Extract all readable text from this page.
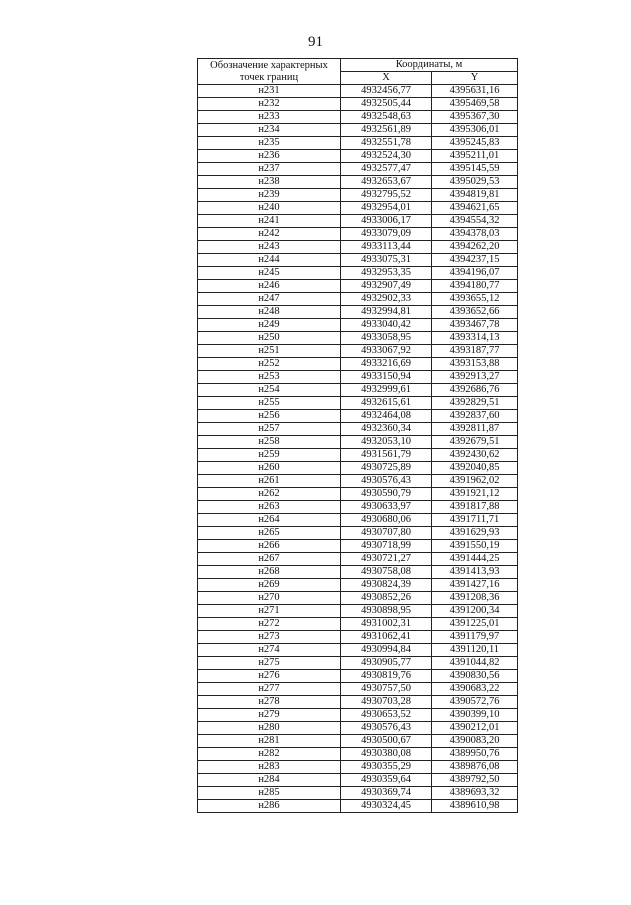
91
Обозначение характерных точек границ	Координаты, м	
	X	Y
н231	4932456,77	4395631,16
н232	4932505,44	4395469,58
н233	4932548,63	4395367,30
н234	4932561,89	4395306,01
н235	4932551,78	4395245,83
н236	4932524,30	4395211,01
н237	4932577,47	4395145,59
н238	4932653,67	4395029,53
н239	4932795,52	4394819,81
н240	4932954,01	4394621,65
н241	4933006,17	4394554,32
н242	4933079,09	4394378,03
н243	4933113,44	4394262,20
н244	4933075,31	4394237,15
н245	4932953,35	4394196,07
н246	4932907,49	4394180,77
н247	4932902,33	4393655,12
н248	4932994,81	4393652,66
н249	4933040,42	4393467,78
н250	4933058,95	4393314,13
н251	4933067,92	4393187,77
н252	4933216,69	4393153,88
н253	4933150,94	4392913,27
н254	4932999,61	4392686,76
н255	4932615,61	4392829,51
н256	4932464,08	4392837,60
н257	4932360,34	4392811,87
н258	4932053,10	4392679,51
н259	4931561,79	4392430,62
н260	4930725,89	4392040,85
н261	4930576,43	4391962,02
н262	4930590,79	4391921,12
н263	4930633,97	4391817,88
н264	4930680,06	4391711,71
н265	4930707,80	4391629,93
н266	4930718,99	4391550,19
н267	4930721,27	4391444,25
н268	4930758,08	4391413,93
н269	4930824,39	4391427,16
н270	4930852,26	4391208,36
н271	4930898,95	4391200,34
н272	4931002,31	4391225,01
н273	4931062,41	4391179,97
н274	4930994,84	4391120,11
н275	4930905,77	4391044,82
н276	4930819,76	4390830,56
н277	4930757,50	4390683,22
н278	4930703,28	4390572,76
н279	4930653,52	4390399,10
н280	4930576,43	4390212,01
н281	4930500,67	4390083,20
н282	4930380,08	4389950,76
н283	4930355,29	4389876,08
н284	4930359,64	4389792,50
н285	4930369,74	4389693,32
н286	4930324,45	4389610,98
